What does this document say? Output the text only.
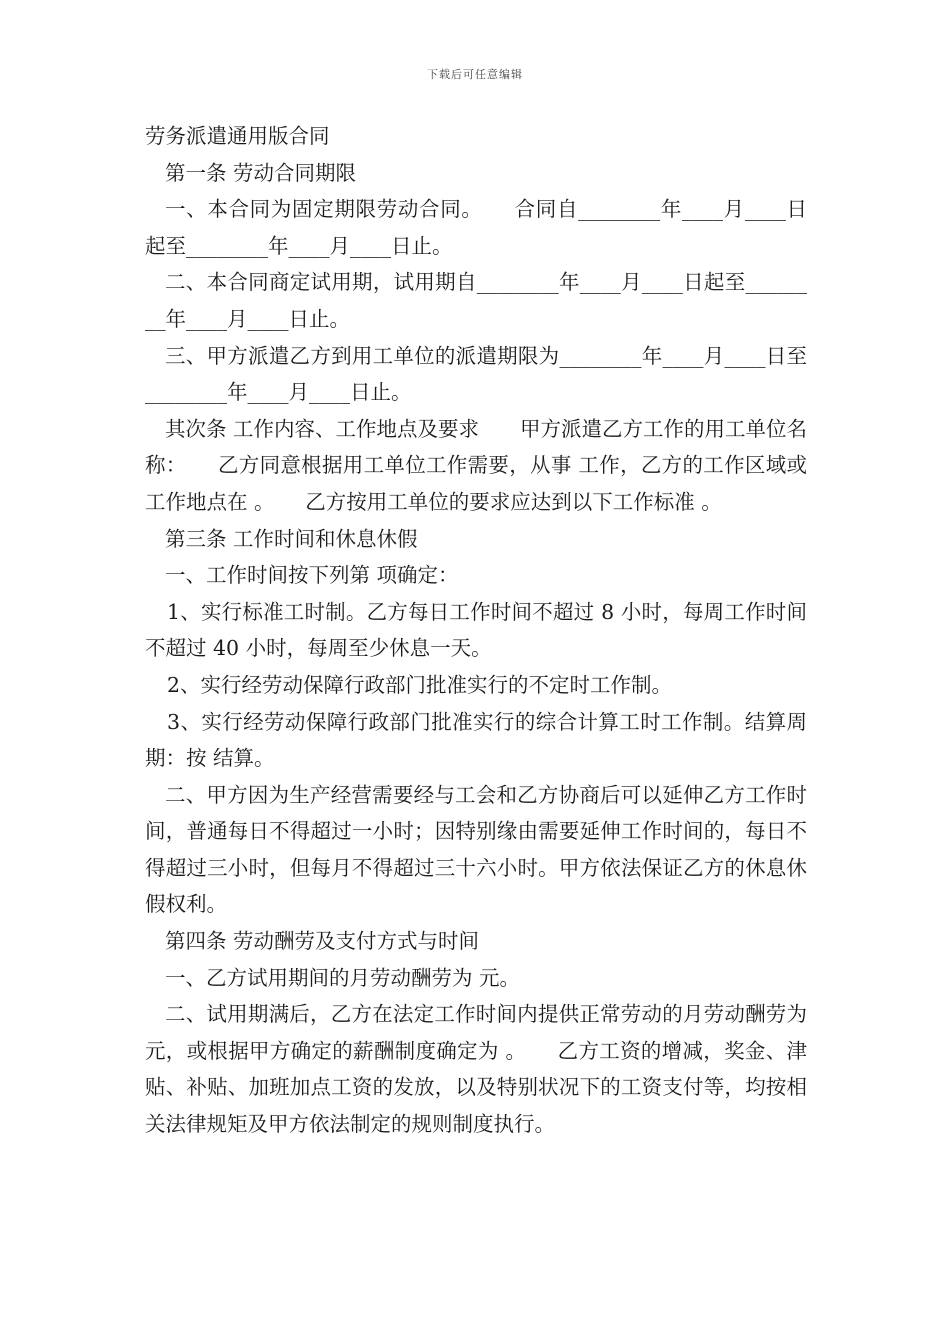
下载后可任意编辑

劳务派遣通用版合同

第一条 劳动合同期限

一、本合同为固定期限劳动合同。　　合同自________年____月____日起至________年____月____日止。

二、本合同商定试用期，试用期自________年____月____日起至________年____月____日止。

三、甲方派遣乙方到用工单位的派遣期限为________年____月____日至________年____月____日止。

其次条 工作内容、工作地点及要求　　甲方派遣乙方工作的用工单位名称：　　乙方同意根据用工单位工作需要，从事 工作，乙方的工作区域或工作地点在 。　　乙方按用工单位的要求应达到以下工作标准 。

第三条 工作时间和休息休假

一、工作时间按下列第 项确定：

1、实行标准工时制。乙方每日工作时间不超过 8 小时，每周工作时间不超过 40 小时，每周至少休息一天。

2、实行经劳动保障行政部门批准实行的不定时工作制。

3、实行经劳动保障行政部门批准实行的综合计算工时工作制。结算周期：按 结算。

二、甲方因为生产经营需要经与工会和乙方协商后可以延伸乙方工作时间，普通每日不得超过一小时；因特别缘由需要延伸工作时间的，每日不得超过三小时，但每月不得超过三十六小时。甲方依法保证乙方的休息休假权利。

第四条 劳动酬劳及支付方式与时间

一、乙方试用期间的月劳动酬劳为 元。

二、试用期满后，乙方在法定工作时间内提供正常劳动的月劳动酬劳为 元，或根据甲方确定的薪酬制度确定为 。　　乙方工资的增减，奖金、津贴、补贴、加班加点工资的发放，以及特别状况下的工资支付等，均按相关法律规矩及甲方依法制定的规则制度执行。
